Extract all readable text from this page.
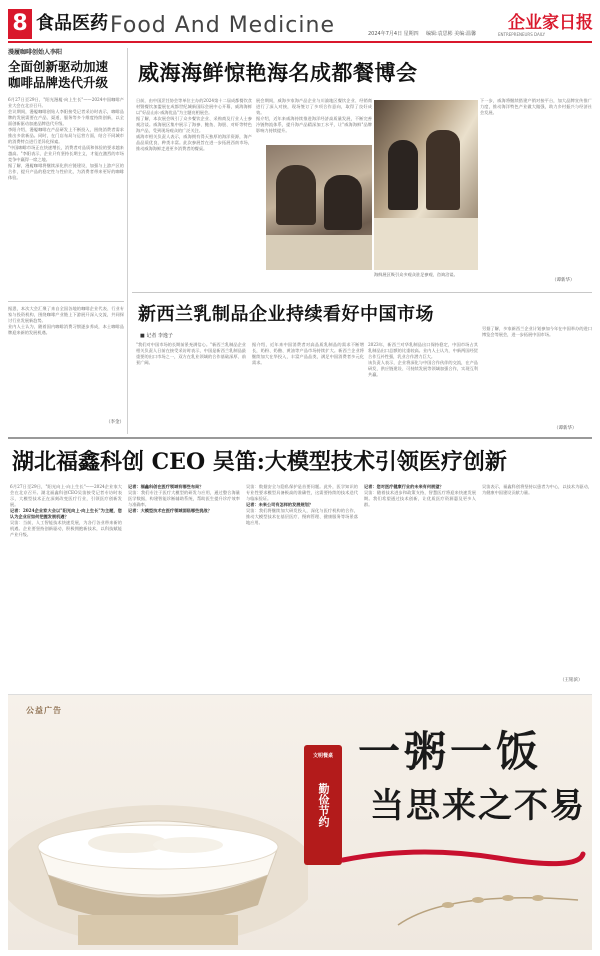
8 食品医药 Food And Medicine	2024年7月4日 星期四 编辑:袁思彬 美编:温馨
企业家日报
ENTREPRENEURS DAILY
漫履咖啡创始人李阳
全面创新驱动加速咖啡品牌迭代升级

6月27日至29日，"阳光漫履·向上生长"——2024中国咖啡产业大会在北京召开。

会议期间，漫履咖啡创始人李阳接受记者采访时表示，咖啡品牌的发展需要在产品、渠道、服务等多个维度持续创新，以全面创新驱动加速品牌迭代升级。

李阳介绍，漫履咖啡在产品研发上不断投入，围绕消费者需求推出多款新品。同时，在门店布局与运营方面，结合不同城市的消费特点进行差异化探索。

"中国咖啡市场正在快速增长，消费者对品质和体验的要求越来越高。"李阳表示，企业只有坚持长期主义，才能在激烈的市场竞争中赢得一席之地。

据了解，漫履咖啡将继续深化供应链建设，加强与上游产区的合作，提升产品的稳定性与性价比，为消费者带来更好的咖啡体验。

据悉，本次大会汇聚了来自全国各地的咖啡企业代表、行业专家与投资机构，围绕咖啡产业链上下游展开深入交流，共同探讨行业发展新趋势。

业内人士认为，随着国内咖啡消费习惯逐步养成，本土咖啡品牌迎来新的发展机遇。

（李金）
威海海鲜惊艳海名成都餐博会

日前，由中国烹饪协会等单位主办的2024第十二届成都餐饮食材暨餐饮加盟展在成都世纪城新国际会展中心开幕，威海海鲜以"好品山东·威海优品"为主题亮相展会。

据了解，本次展会吸引了众多餐饮企业、采购商及行业人士参观洽谈。威海展区集中展示了海参、鲍鱼、海胆、对虾等特色海产品，受到现场观众的广泛关注。

威海市相关负责人表示，威海拥有得天独厚的海洋资源，海产品品质优良、种类丰富。此次参展旨在进一步拓展西南市场，推动威海海鲜走进更多消费者的餐桌。

展会期间，威海多家海产品企业与川渝地区餐饮企业、经销商进行了深入对接，现场签订了多项合作意向，取得了良好成效。

据介绍，近年来威海持续推进海洋经济高质量发展，不断完善冷链物流体系，提升海产品精深加工水平，让"威海海鲜"品牌影响力持续提升。

下一步，威海将继续搭建产销对接平台，加大品牌宣传推广力度，推动海洋特色产业做大做强，助力乡村振兴与经济社会发展。

（谭新华）
海鲜展区吸引众多观众驻足参观、咨询洽谈。
新西兰乳制品企业持续看好中国市场
■ 记者 李逸子

"我们对中国市场的长期前景充满信心。"新西兰乳制品企业相关负责人日前在接受采访时表示，中国是新西兰乳制品最重要的出口市场之一，双方在乳业领域的合作基础深厚、前景广阔。

据介绍，近年来中国消费者对高品质乳制品的需求不断增长，奶粉、奶酪、黄油等产品市场持续扩大。新西兰企业将继续加大在华投入，丰富产品品类，满足中国消费者多元化需求。

2023年，新西兰对华乳制品出口保持稳定，中国市场占其乳制品出口总额的比重较高。业内人士认为，中新两国经贸合作互补性强，乳业合作潜力巨大。

该负责人表示，企业将深化与中国合作伙伴的交流，在产品研发、供应链建设、可持续发展等领域加强合作，实现互利共赢。

另据了解，多家新西兰企业计划参加今年在中国举办的进口博览会等展会，进一步拓展中国市场。

（谭新华）
湖北福鑫科创 CEO 吴笛:大模型技术引领医疗创新

6月27日至29日，"阳光向上·向上生长"——2024企业家大会在北京召开。湖北福鑫科创CEO吴笛接受记者专访时表示，大模型技术正在深刻改变医疗行业，引领医疗创新发展。

记者：2024企业家大会以"阳光向上·向上生长"为主题，您认为企业应如何把握发展机遇？

吴笛：当前，人工智能技术快速发展，为各行各业带来新的机遇。企业要坚持创新驱动，积极拥抱新技术，以科技赋能产业升级。

记者：福鑫科创在医疗领域有哪些布局？

吴笛：我们专注于医疗大模型的研发与应用，通过整合海量医学数据，构建智能诊断辅助系统，帮助医生提升诊疗效率与准确率。

记者：大模型技术在医疗领域面临哪些挑战？

吴笛：数据安全与隐私保护是首要问题。此外，医学知识的专业性要求模型具备极高的准确性，这需要持续的技术迭代与临床验证。

记者：未来公司有怎样的发展规划？

吴笛：我们将继续加大研发投入，深化与医疗机构的合作，推动大模型技术在基层医疗、慢病管理、健康服务等场景落地应用。

记者：您对医疗健康行业的未来有何展望？

吴笛：随着技术进步和政策支持，智慧医疗将迎来快速发展期。我们希望通过技术创新，让优质医疗资源惠及更多人群。

吴笛表示，福鑫科创将坚持以患者为中心，以技术为驱动，为健康中国建设贡献力量。

（王铭滨）
公益广告
文明餐桌
勤俭节约
一粥一饭
当思来之不易
